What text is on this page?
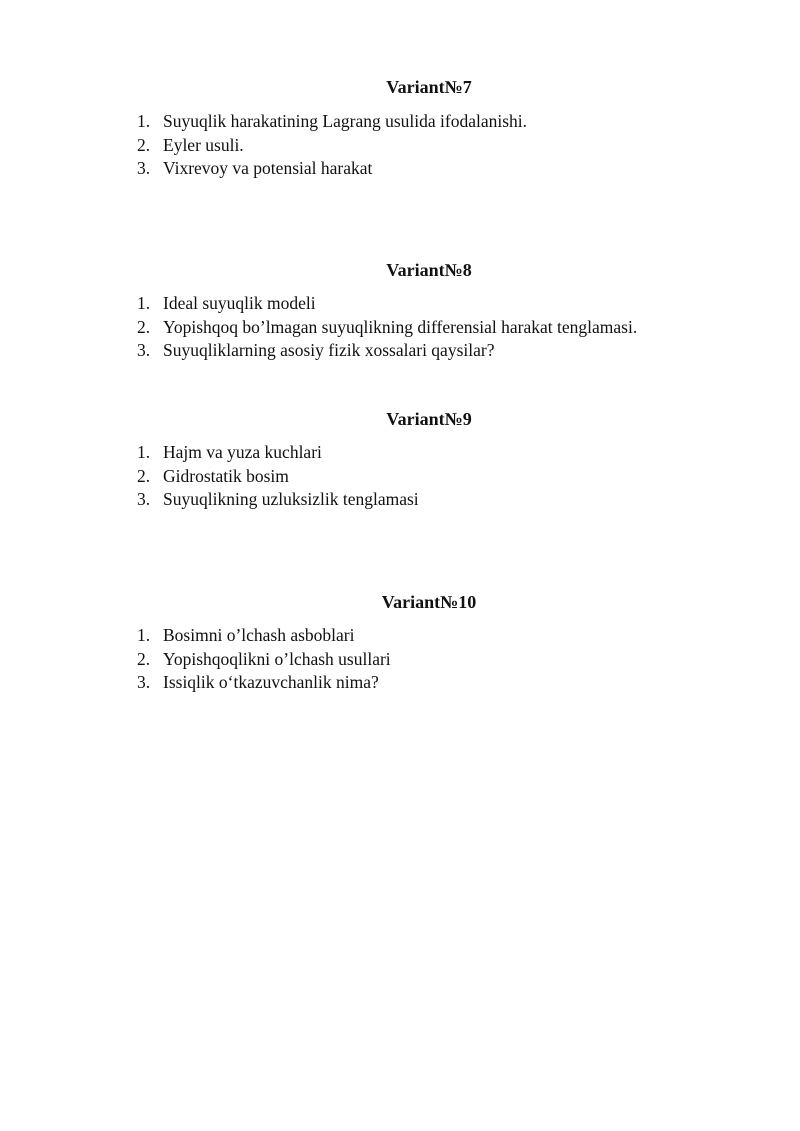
Variant№7
1. Suyuqlik harakatining Lagrang usulida ifodalanishi.
2. Eyler usuli.
3. Vixrevoy va potensial harakat
Variant№8
1. Ideal suyuqlik modeli
2. Yopishqoq bo’lmagan suyuqlikning differensial harakat tenglamasi.
3. Suyuqliklarning asosiy fizik xossalari qaysilar?
Variant№9
1. Hajm va yuza kuchlari
2. Gidrostatik bosim
3. Suyuqlikning uzluksizlik tenglamasi
Variant№10
1. Bosimni o’lchash asboblari
2. Yopishqoqlikni o’lchash usullari
3. Issiqlik o‘tkazuvchanlik nima?
